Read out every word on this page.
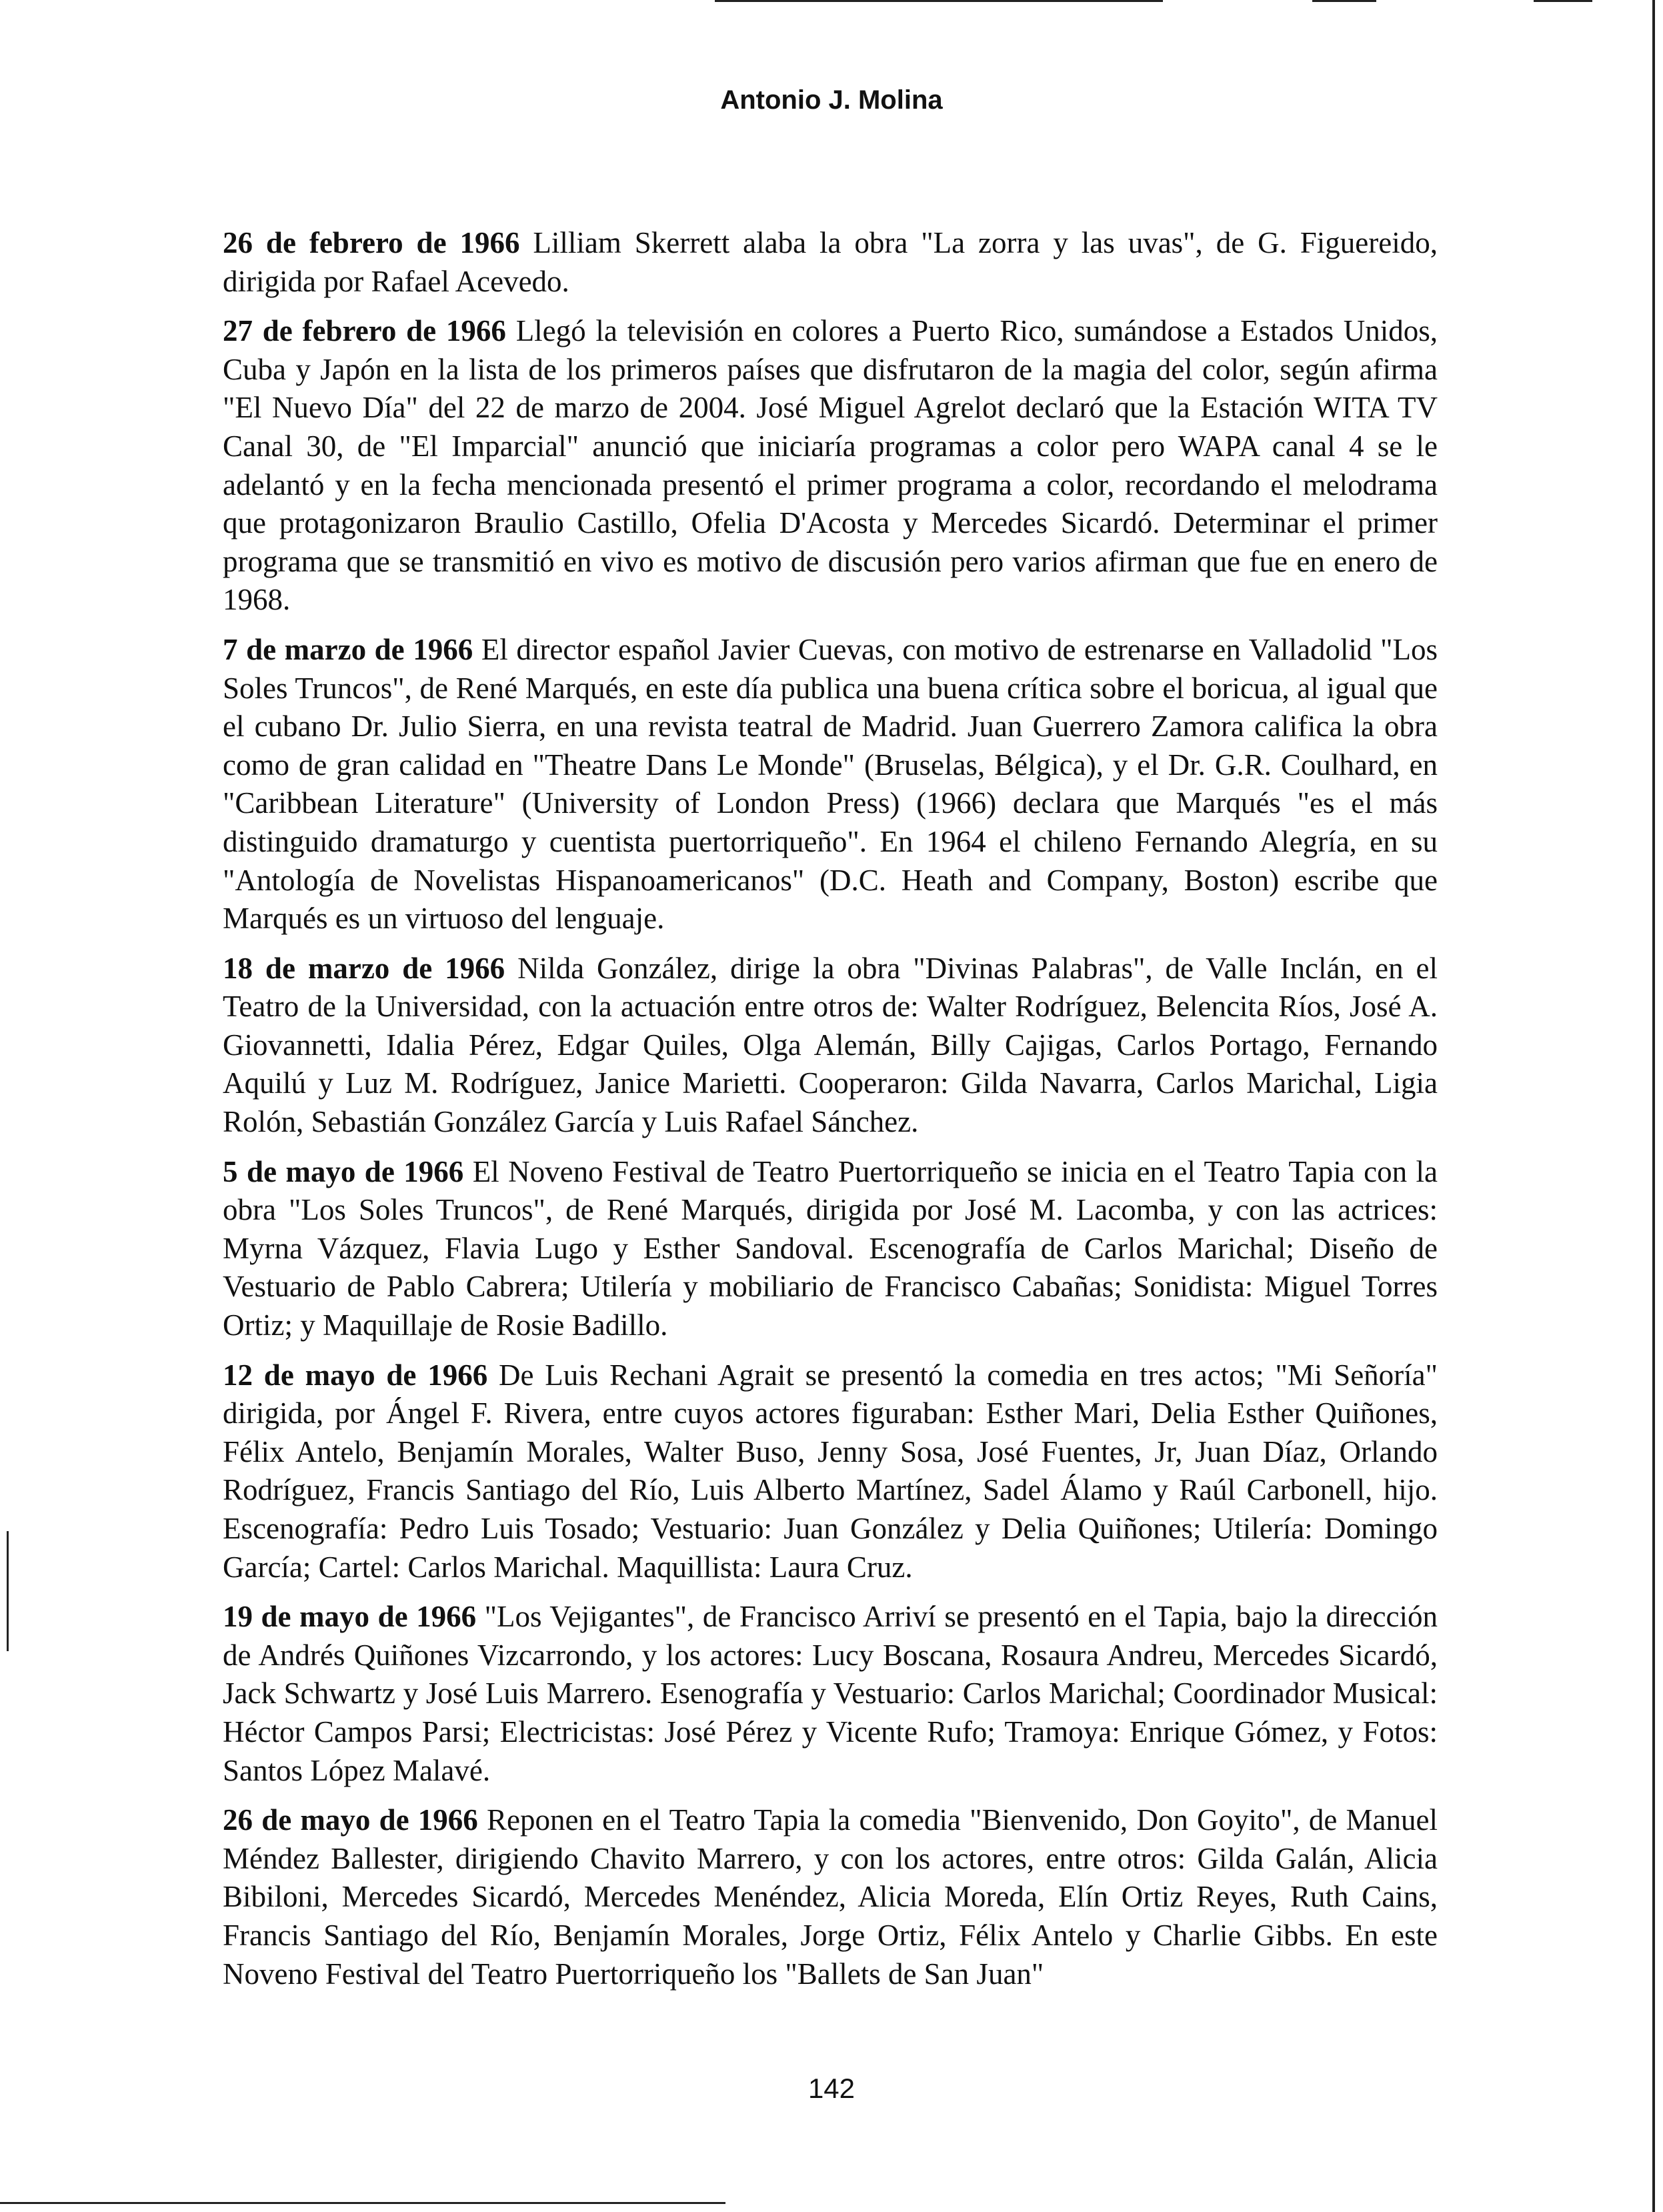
Antonio J. Molina

26 de febrero de 1966 Lilliam Skerrett alaba la obra "La zorra y las uvas", de G. Figuereido, dirigida por Rafael Acevedo.

27 de febrero de 1966 Llegó la televisión en colores a Puerto Rico, sumándose a Estados Unidos, Cuba y Japón en la lista de los primeros países que disfrutaron de la magia del color, según afirma "El Nuevo Día" del 22 de marzo de 2004. José Miguel Agrelot declaró que la Estación WITA TV Canal 30, de "El Imparcial" anunció que iniciaría programas a color pero WAPA canal 4 se le adelantó y en la fecha mencionada presentó el primer programa a color, recordando el melodrama que protagonizaron Braulio Castillo, Ofelia D'Acosta y Mercedes Sicardó. Determinar el primer programa que se transmitió en vivo es motivo de discusión pero varios afirman que fue en enero de 1968.

7 de marzo de 1966 El director español Javier Cuevas, con motivo de estrenarse en Valladolid "Los Soles Truncos", de René Marqués, en este día publica una buena crítica sobre el boricua, al igual que el cubano Dr. Julio Sierra, en una revista teatral de Madrid. Juan Guerrero Zamora califica la obra como de gran calidad en "Theatre Dans Le Monde" (Bruselas, Bélgica), y el Dr. G.R. Coulhard, en "Caribbean Literature" (University of London Press) (1966) declara que Marqués "es el más distinguido dramaturgo y cuentista puertorriqueño". En 1964 el chileno Fernando Alegría, en su "Antología de Novelistas Hispanoamericanos" (D.C. Heath and Company, Boston) escribe que Marqués es un virtuoso del lenguaje.

18 de marzo de 1966 Nilda González, dirige la obra "Divinas Palabras", de Valle Inclán, en el Teatro de la Universidad, con la actuación entre otros de: Walter Rodríguez, Belencita Ríos, José A. Giovannetti, Idalia Pérez, Edgar Quiles, Olga Alemán, Billy Cajigas, Carlos Portago, Fernando Aquilú y Luz M. Rodríguez, Janice Marietti. Cooperaron: Gilda Navarra, Carlos Marichal, Ligia Rolón, Sebastián González García y Luis Rafael Sánchez.

5 de mayo de 1966 El Noveno Festival de Teatro Puertorriqueño se inicia en el Teatro Tapia con la obra "Los Soles Truncos", de René Marqués, dirigida por José M. Lacomba, y con las actrices: Myrna Vázquez, Flavia Lugo y Esther Sandoval. Escenografía de Carlos Marichal; Diseño de Vestuario de Pablo Cabrera; Utilería y mobiliario de Francisco Cabañas; Sonidista: Miguel Torres Ortiz; y Maquillaje de Rosie Badillo.

12 de mayo de 1966 De Luis Rechani Agrait se presentó la comedia en tres actos; "Mi Señoría" dirigida, por Ángel F. Rivera, entre cuyos actores figuraban: Esther Mari, Delia Esther Quiñones, Félix Antelo, Benjamín Morales, Walter Buso, Jenny Sosa, José Fuentes, Jr, Juan Díaz, Orlando Rodríguez, Francis Santiago del Río, Luis Alberto Martínez, Sadel Álamo y Raúl Carbonell, hijo. Escenografía: Pedro Luis Tosado; Vestuario: Juan González y Delia Quiñones; Utilería: Domingo García; Cartel: Carlos Marichal. Maquillista: Laura Cruz.

19 de mayo de 1966 "Los Vejigantes", de Francisco Arriví se presentó en el Tapia, bajo la dirección de Andrés Quiñones Vizcarrondo, y los actores: Lucy Boscana, Rosaura Andreu, Mercedes Sicardó, Jack Schwartz y José Luis Marrero. Esenografía y Vestuario: Carlos Marichal; Coordinador Musical: Héctor Campos Parsi; Electricistas: José Pérez y Vicente Rufo; Tramoya: Enrique Gómez, y Fotos: Santos López Malavé.

26 de mayo de 1966 Reponen en el Teatro Tapia la comedia "Bienvenido, Don Goyito", de Manuel Méndez Ballester, dirigiendo Chavito Marrero, y con los actores, entre otros: Gilda Galán, Alicia Bibiloni, Mercedes Sicardó, Mercedes Menéndez, Alicia Moreda, Elín Ortiz Reyes, Ruth Cains, Francis Santiago del Río, Benjamín Morales, Jorge Ortiz, Félix Antelo y Charlie Gibbs. En este Noveno Festival del Teatro Puertorriqueño los "Ballets de San Juan"

142
